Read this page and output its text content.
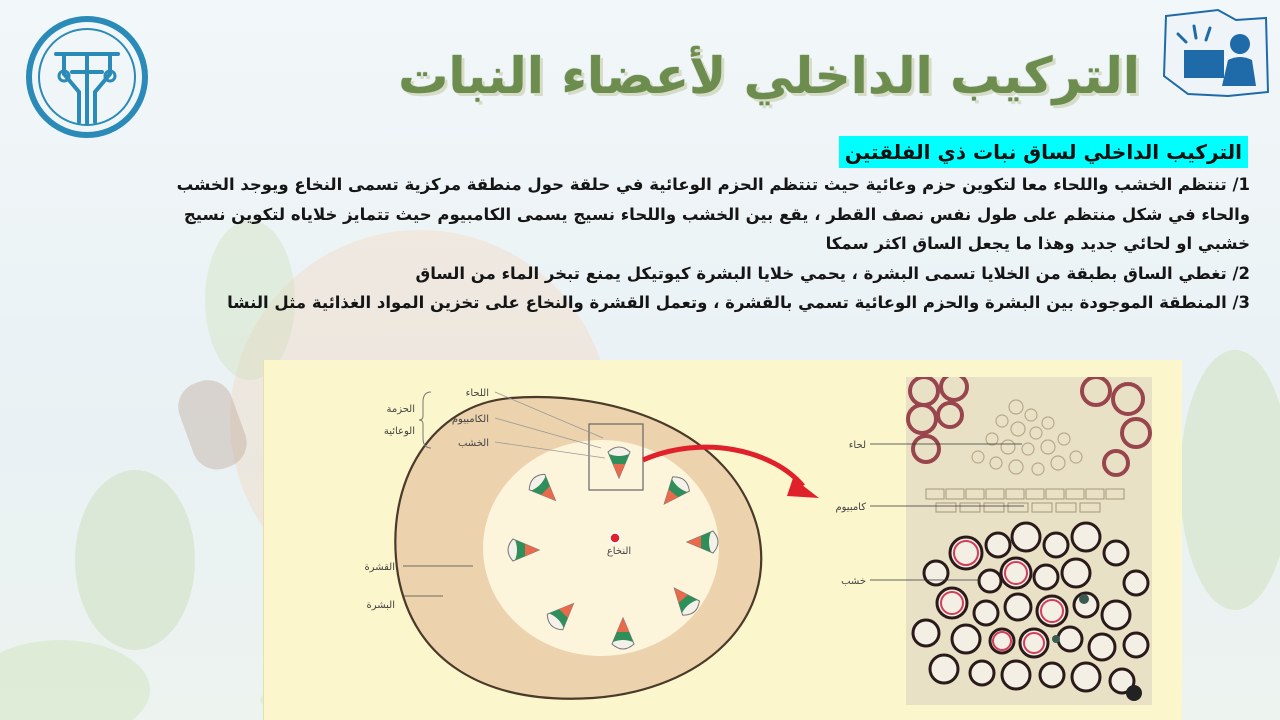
التركيب الداخلي لأعضاء النبات
التركيب الداخلي لساق نبات ذي الفلقتين

1/ تنتظم الخشب واللحاء معا لتكوين حزم وعائية حيث تنتظم الحزم الوعائية في حلقة حول منطقة مركزية تسمى النخاع ويوجد الخشب

والحاء في شكل منتظم على طول نفس نصف القطر ، يقع بين الخشب واللحاء نسيج يسمى الكامبيوم حيث تتمايز خلاياه لتكوين نسيج

خشبي او لحائي جديد وهذا ما يجعل الساق اكثر سمكا

2/ تغطي الساق بطبقة من الخلايا تسمى البشرة ، يحمي خلايا البشرة كيوتيكل يمنع تبخر الماء من الساق

3/ المنطقة الموجودة بين البشرة والحزم الوعائية تسمي بالقشرة ، وتعمل القشرة والنخاع على تخزين المواد الغذائية مثل النشا

اللحاء
الكامبيوم
الخشب
الحزمة
الوعائية
النخاع
القشرة
البشرة
لحاء
كامبيوم
خشب
